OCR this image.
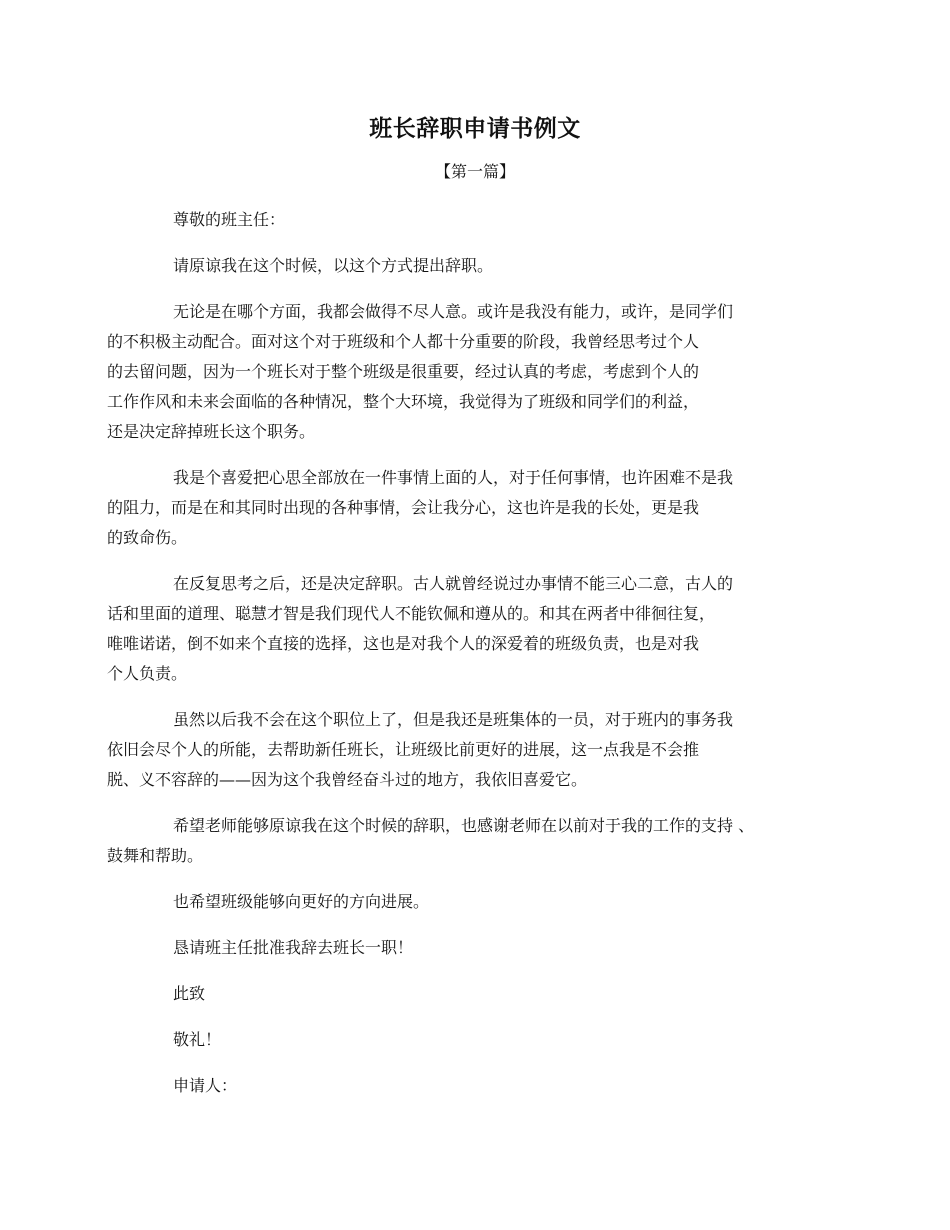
班长辞职申请书例文
【第一篇】
尊敬的班主任：
请原谅我在这个时候，以这个方式提出辞职。
无论是在哪个方面，我都会做得不尽人意。或许是我没有能力，或许，是同学们
的不积极主动配合。面对这个对于班级和个人都十分重要的阶段，我曾经思考过个人
的去留问题，因为一个班长对于整个班级是很重要，经过认真的考虑，考虑到个人的
工作作风和未来会面临的各种情况，整个大环境，我觉得为了班级和同学们的利益，
还是决定辞掉班长这个职务。
我是个喜爱把心思全部放在一件事情上面的人，对于任何事情，也许困难不是我
的阻力，而是在和其同时出现的各种事情，会让我分心，这也许是我的长处，更是我
的致命伤。
在反复思考之后，还是决定辞职。古人就曾经说过办事情不能三心二意，古人的
话和里面的道理、聪慧才智是我们现代人不能钦佩和遵从的。和其在两者中徘徊往复，
唯唯诺诺，倒不如来个直接的选择，这也是对我个人的深爱着的班级负责，也是对我
个人负责。
虽然以后我不会在这个职位上了，但是我还是班集体的一员，对于班内的事务我
依旧会尽个人的所能，去帮助新任班长，让班级比前更好的进展，这一点我是不会推
脱、义不容辞的——因为这个我曾经奋斗过的地方，我依旧喜爱它。
希望老师能够原谅我在这个时候的辞职，也感谢老师在以前对于我的工作的支持 、
鼓舞和帮助。
也希望班级能够向更好的方向进展。
恳请班主任批准我辞去班长一职！
此致
敬礼！
申请人：
